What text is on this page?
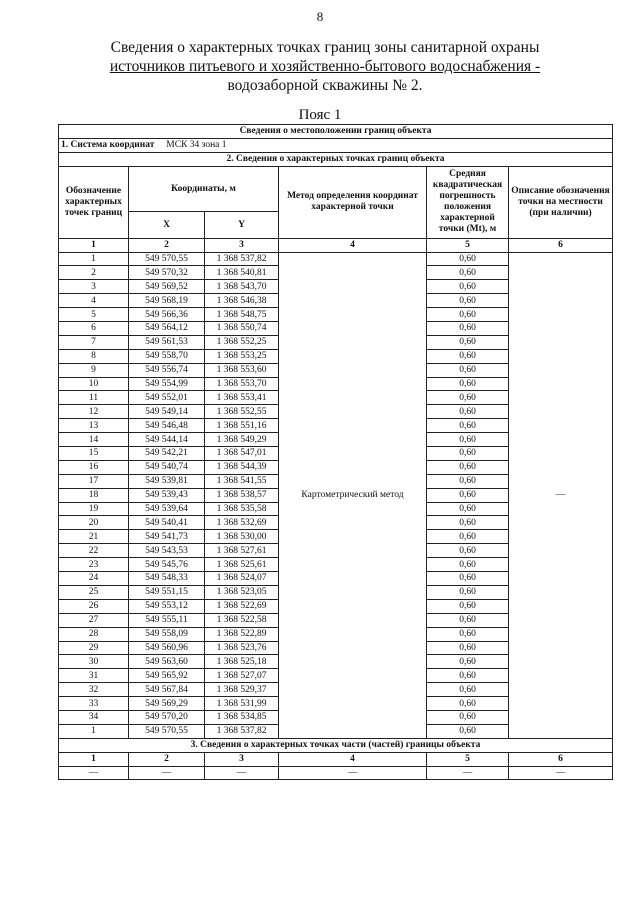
8
Сведения о характерных точках границ зоны санитарной охраны
источников питьевого и хозяйственно-бытового водоснабжения -
водозаборной скважины № 2.
Пояс 1
Сведения о местоположении границ объекта					
1. Система координат МСК 34 зона 1					
2. Сведения о характерных точках границ объекта					
Обозначение характерных точек границ	Координаты, м		Метод определения координат характерной точки	Средняя квадратическая погрешность положения характерной точки (Mt), м	Описание обозначения точки на местности (при наличии)
	X	Y			
1	2	3	4	5	6
1	549 570,55	1 368 537,82	Картометрический метод	0,60	—
2	549 570,32	1 368 540,81		0,60	
3	549 569,52	1 368 543,70		0,60	
4	549 568,19	1 368 546,38		0,60	
5	549 566,36	1 368 548,75		0,60	
6	549 564,12	1 368 550,74		0,60	
7	549 561,53	1 368 552,25		0,60	
8	549 558,70	1 368 553,25		0,60	
9	549 556,74	1 368 553,60		0,60	
10	549 554,99	1 368 553,70		0,60	
11	549 552,01	1 368 553,41		0,60	
12	549 549,14	1 368 552,55		0,60	
13	549 546,48	1 368 551,16		0,60	
14	549 544,14	1 368 549,29		0,60	
15	549 542,21	1 368 547,01		0,60	
16	549 540,74	1 368 544,39		0,60	
17	549 539,81	1 368 541,55		0,60	
18	549 539,43	1 368 538,57		0,60	
19	549 539,64	1 368 535,58		0,60	
20	549 540,41	1 368 532,69		0,60	
21	549 541,73	1 368 530,00		0,60	
22	549 543,53	1 368 527,61		0,60	
23	549 545,76	1 368 525,61		0,60	
24	549 548,33	1 368 524,07		0,60	
25	549 551,15	1 368 523,05		0,60	
26	549 553,12	1 368 522,69		0,60	
27	549 555,11	1 368 522,58		0,60	
28	549 558,09	1 368 522,89		0,60	
29	549 560,96	1 368 523,76		0,60	
30	549 563,60	1 368 525,18		0,60	
31	549 565,92	1 368 527,07		0,60	
32	549 567,84	1 368 529,37		0,60	
33	549 569,29	1 368 531,99		0,60	
34	549 570,20	1 368 534,85		0,60	
1	549 570,55	1 368 537,82		0,60	
3. Сведения о характерных точках части (частей) границы объекта					
1	2	3	4	5	6
—	—	—	—	—	—
